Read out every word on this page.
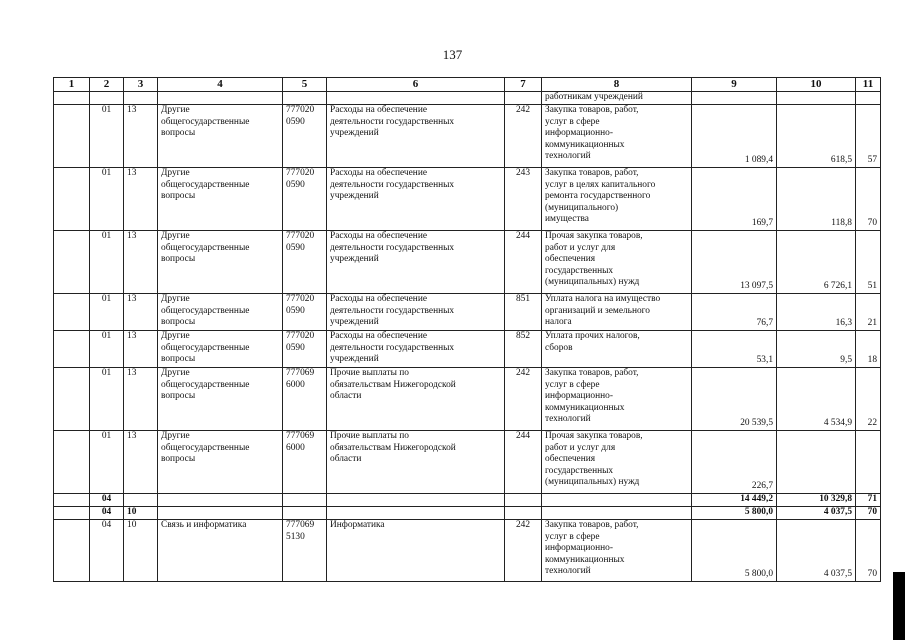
137
1	2	3	4	5	6	7	8	9	10	11
							работникам учреждений			
	01	13	Другие
общегосударственные
вопросы	777020
0590	Расходы на обеспечение
деятельности государственных
учреждений	242	Закупка товаров, работ,
услуг в сфере
информационно-
коммуникационных
технологий	1 089,4	618,5	57
	01	13	Другие
общегосударственные
вопросы	777020
0590	Расходы на обеспечение
деятельности государственных
учреждений	243	Закупка товаров, работ,
услуг в целях капитального
ремонта государственного
(муниципального)
имущества	169,7	118,8	70
	01	13	Другие
общегосударственные
вопросы	777020
0590	Расходы на обеспечение
деятельности государственных
учреждений	244	Прочая закупка товаров,
работ и услуг для
обеспечения
государственных
(муниципальных) нужд	13 097,5	6 726,1	51
	01	13	Другие
общегосударственные
вопросы	777020
0590	Расходы на обеспечение
деятельности государственных
учреждений	851	Уплата налога на имущество
организаций и земельного
налога	76,7	16,3	21
	01	13	Другие
общегосударственные
вопросы	777020
0590	Расходы на обеспечение
деятельности государственных
учреждений	852	Уплата прочих налогов,
сборов	53,1	9,5	18
	01	13	Другие
общегосударственные
вопросы	777069
6000	Прочие выплаты по
обязательствам Нижегородской
области	242	Закупка товаров, работ,
услуг в сфере
информационно-
коммуникационных
технологий	20 539,5	4 534,9	22
	01	13	Другие
общегосударственные
вопросы	777069
6000	Прочие выплаты по
обязательствам Нижегородской
области	244	Прочая закупка товаров,
работ и услуг для
обеспечения
государственных
(муниципальных) нужд	226,7		
	04							14 449,2	10 329,8	71
	04	10						5 800,0	4 037,5	70
	04	10	Связь и информатика	777069
5130	Информатика	242	Закупка товаров, работ,
услуг в сфере
информационно-
коммуникационных
технологий	5 800,0	4 037,5	70
